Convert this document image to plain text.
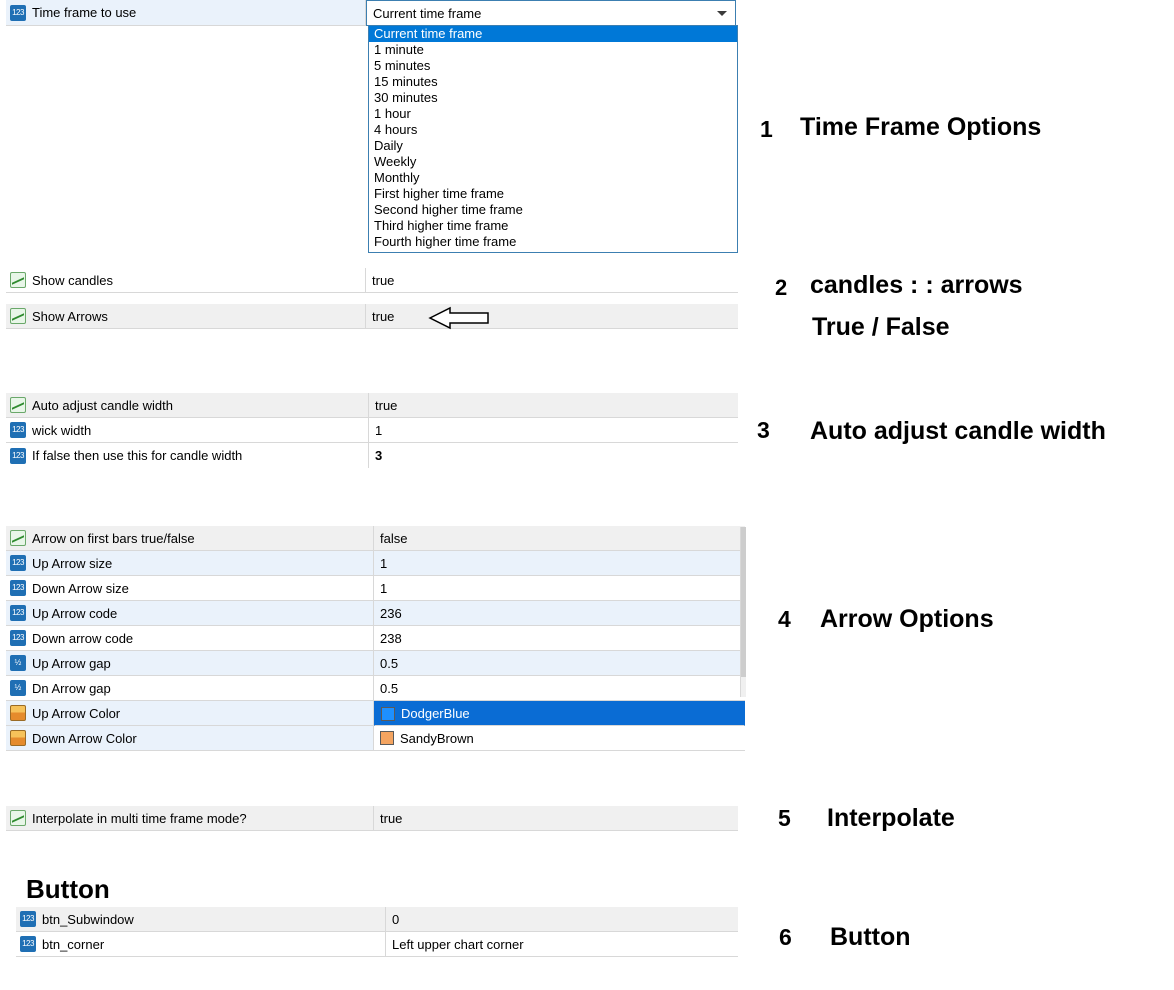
123 Time frame to use	Current time frame
Current time frame
1 minute
5 minutes
15 minutes
30 minutes
1 hour
4 hours
Daily
Weekly
Monthly
First higher time frame
Second higher time frame
Third higher time frame
Fourth higher time frame
Show candles	true
Show Arrows	true
Auto adjust candle width	true
123 wick width	1
123 If false then use this for candle width	3
Arrow on first bars true/false	false
123 Up Arrow size	1
123 Down Arrow size	1
123 Up Arrow code	236
123 Down arrow code	238
½ Up Arrow gap	0.5
½ Dn Arrow gap	0.5
Up Arrow Color	DodgerBlue
Down Arrow Color	SandyBrown
Interpolate in multi time frame mode?	true
Button
123 btn_Subwindow	0
123 btn_corner	Left upper chart corner
1 Time Frame Options
2 candles : : arrows
True / False
3 Auto adjust candle width
4 Arrow Options
5 Interpolate
6 Button
